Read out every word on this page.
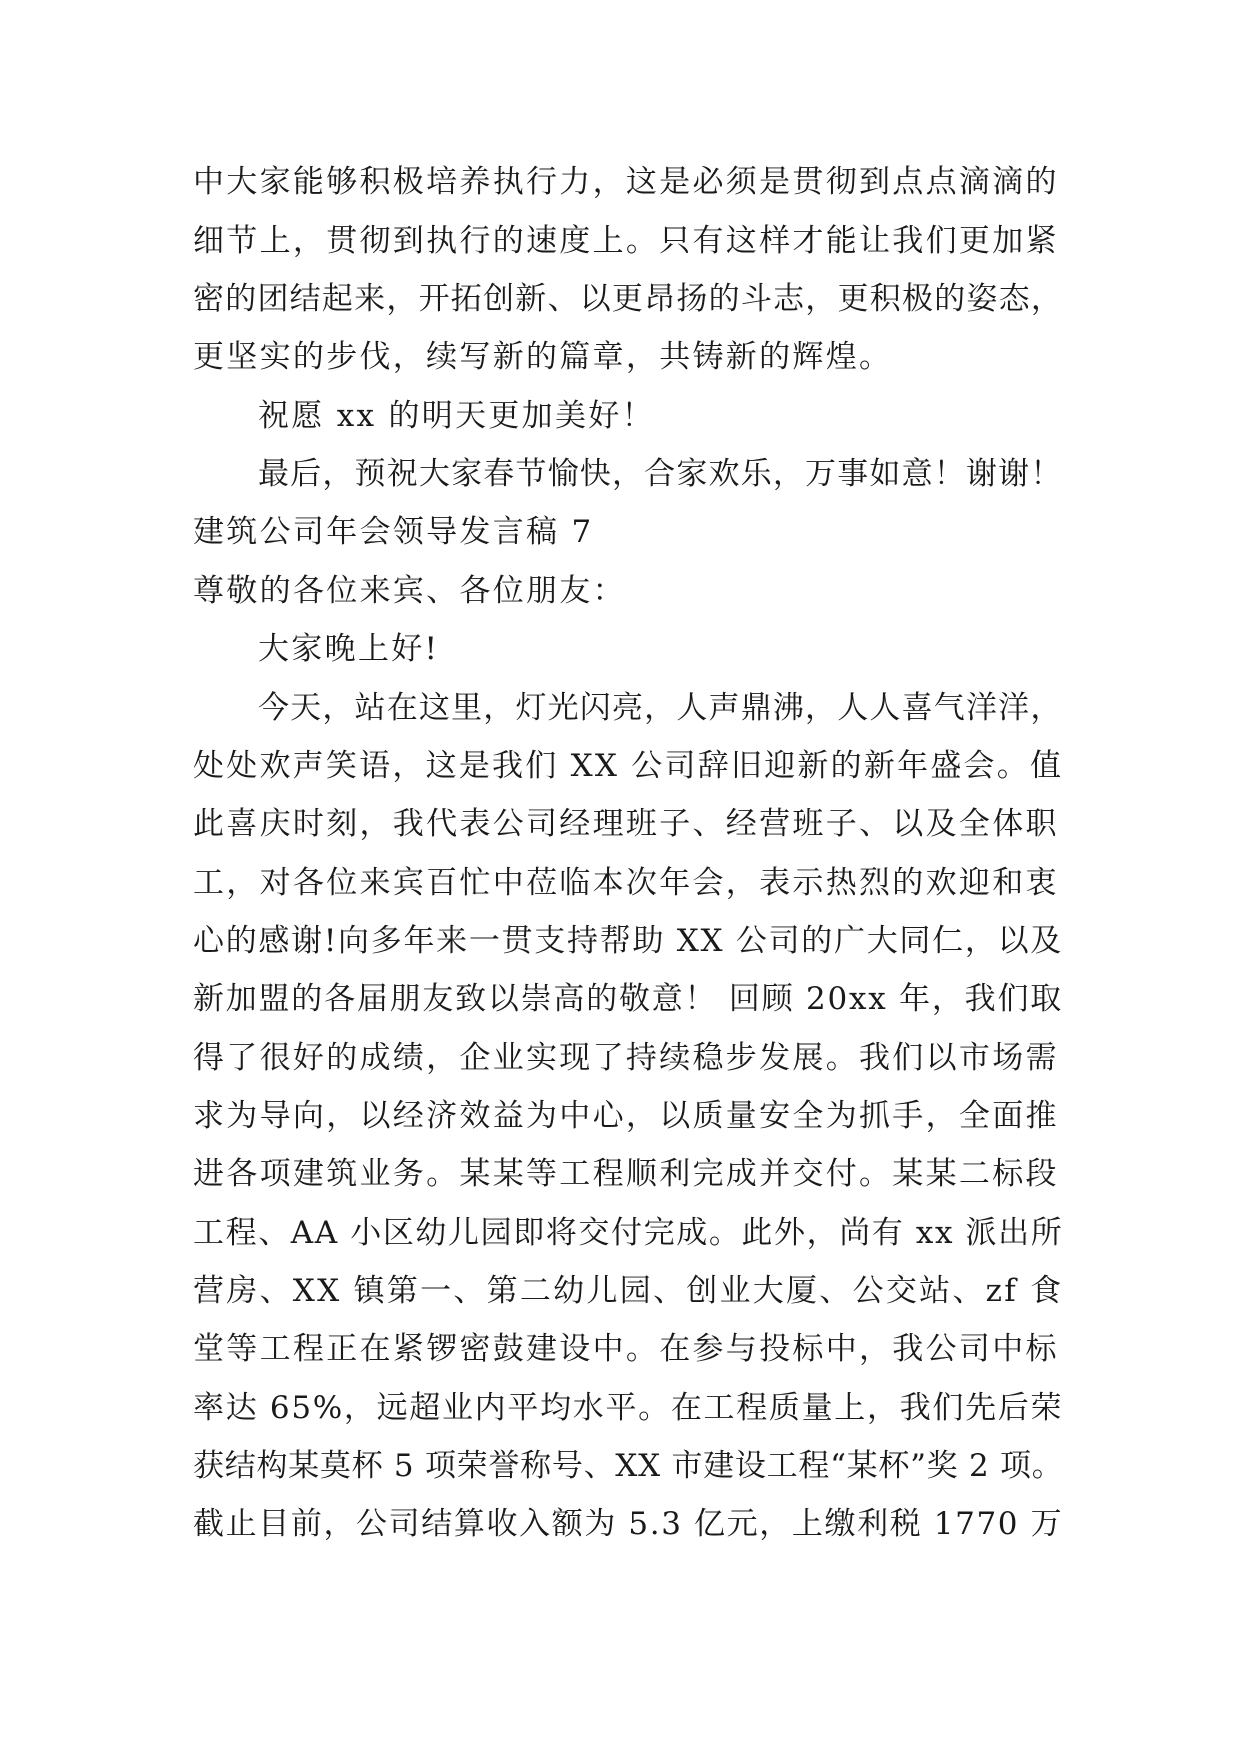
中大家能够积极培养执行力，这是必须是贯彻到点点滴滴的
细节上，贯彻到执行的速度上。只有这样才能让我们更加紧
密的团结起来，开拓创新、以更昂扬的斗志，更积极的姿态，
更坚实的步伐，续写新的篇章，共铸新的辉煌。
祝愿 xx 的明天更加美好！
最后，预祝大家春节愉快，合家欢乐，万事如意！谢谢！
建筑公司年会领导发言稿 7
尊敬的各位来宾、各位朋友：
大家晚上好!
今天，站在这里，灯光闪亮，人声鼎沸，人人喜气洋洋，
处处欢声笑语，这是我们 XX 公司辞旧迎新的新年盛会。值
此喜庆时刻，我代表公司经理班子、经营班子、以及全体职
工，对各位来宾百忙中莅临本次年会，表示热烈的欢迎和衷
心的感谢!向多年来一贯支持帮助 XX 公司的广大同仁，以及
新加盟的各届朋友致以崇高的敬意！ 回顾 20xx 年，我们取
得了很好的成绩，企业实现了持续稳步发展。我们以市场需
求为导向，以经济效益为中心，以质量安全为抓手，全面推
进各项建筑业务。某某等工程顺利完成并交付。某某二标段
工程、AA 小区幼儿园即将交付完成。此外，尚有 xx 派出所
营房、XX 镇第一、第二幼儿园、创业大厦、公交站、zf 食
堂等工程正在紧锣密鼓建设中。在参与投标中，我公司中标
率达 65%，远超业内平均水平。在工程质量上，我们先后荣
获结构某莫杯 5 项荣誉称号、XX 市建设工程“某杯”奖 2 项。
截止目前，公司结算收入额为 5.3 亿元，上缴利税 1770 万
